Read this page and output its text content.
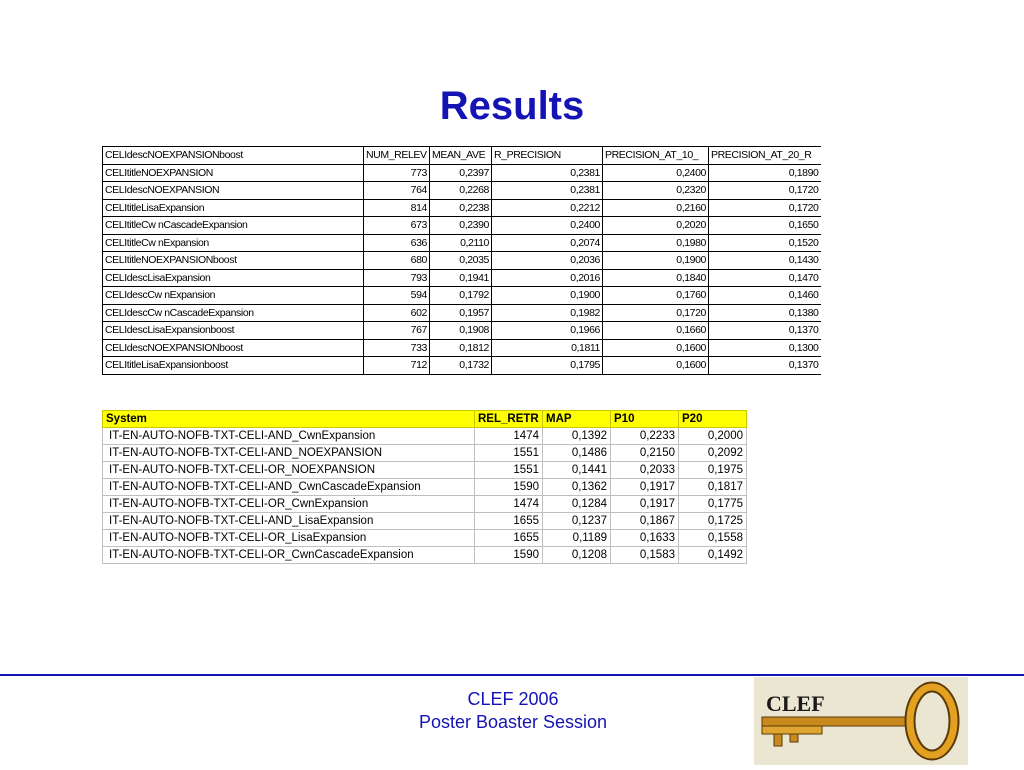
Results
CELIdescNOEXPANSIONboost	NUM_RELEV	MEAN_AVE	R_PRECISION	PRECISION_AT_10_	PRECISION_AT_20_R
CELItitleNOEXPANSION	773	0,2397	0,2381	0,2400	0,1890
CELIdescNOEXPANSION	764	0,2268	0,2381	0,2320	0,1720
CELItitleLisaExpansion	814	0,2238	0,2212	0,2160	0,1720
CELItitleCw nCascadeExpansion	673	0,2390	0,2400	0,2020	0,1650
CELItitleCw nExpansion	636	0,2110	0,2074	0,1980	0,1520
CELItitleNOEXPANSIONboost	680	0,2035	0,2036	0,1900	0,1430
CELIdescLisaExpansion	793	0,1941	0,2016	0,1840	0,1470
CELIdescCw nExpansion	594	0,1792	0,1900	0,1760	0,1460
CELIdescCw nCascadeExpansion	602	0,1957	0,1982	0,1720	0,1380
CELIdescLisaExpansionboost	767	0,1908	0,1966	0,1660	0,1370
CELIdescNOEXPANSIONboost	733	0,1812	0,1811	0,1600	0,1300
CELItitleLisaExpansionboost	712	0,1732	0,1795	0,1600	0,1370
System	REL_RETR	MAP	P10	P20
IT-EN-AUTO-NOFB-TXT-CELI-AND_CwnExpansion	1474	0,1392	0,2233	0,2000
IT-EN-AUTO-NOFB-TXT-CELI-AND_NOEXPANSION	1551	0,1486	0,2150	0,2092
IT-EN-AUTO-NOFB-TXT-CELI-OR_NOEXPANSION	1551	0,1441	0,2033	0,1975
IT-EN-AUTO-NOFB-TXT-CELI-AND_CwnCascadeExpansion	1590	0,1362	0,1917	0,1817
IT-EN-AUTO-NOFB-TXT-CELI-OR_CwnExpansion	1474	0,1284	0,1917	0,1775
IT-EN-AUTO-NOFB-TXT-CELI-AND_LisaExpansion	1655	0,1237	0,1867	0,1725
IT-EN-AUTO-NOFB-TXT-CELI-OR_LisaExpansion	1655	0,1189	0,1633	0,1558
IT-EN-AUTO-NOFB-TXT-CELI-OR_CwnCascadeExpansion	1590	0,1208	0,1583	0,1492
CLEF 2006
Poster Boaster Session
CLEF
